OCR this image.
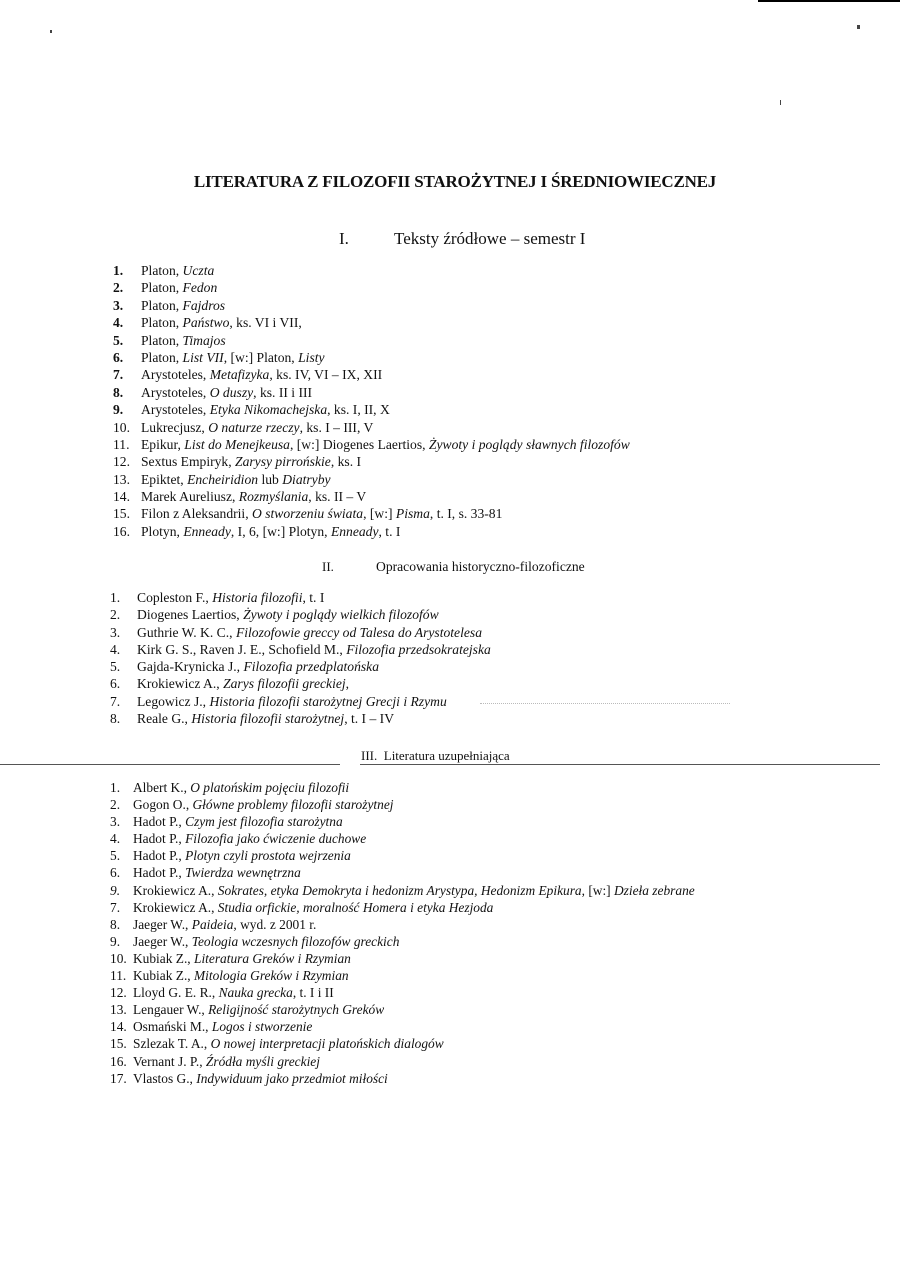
LITERATURA Z FILOZOFII STAROŻYTNEJ I ŚREDNIOWIECZNEJ
I.	Teksty źródłowe – semestr I
1. Platon, Uczta
2. Platon, Fedon
3. Platon, Fajdros
4. Platon, Państwo, ks. VI i VII,
5. Platon, Timajos
6. Platon, List VII, [w:] Platon, Listy
7. Arystoteles, Metafizyka, ks. IV, VI – IX, XII
8. Arystoteles, O duszy, ks. II i III
9. Arystoteles, Etyka Nikomachejska, ks. I, II, X
10. Lukrecjusz, O naturze rzeczy, ks. I – III, V
11. Epikur, List do Menejkeusa, [w:] Diogenes Laertios, Żywoty i poglądy sławnych filozofów
12. Sextus Empiryk, Zarysy pirrońskie, ks. I
13. Epiktet, Encheiridion lub Diatryby
14. Marek Aureliusz, Rozmyślania, ks. II – V
15. Filon z Aleksandrii, O stworzeniu świata, [w:] Pisma, t. I, s. 33-81
16. Plotyn, Enneady, I, 6, [w:] Plotyn, Enneady, t. I
II.	Opracowania historyczno-filozoficzne
1. Copleston F., Historia filozofii, t. I
2. Diogenes Laertios, Żywoty i poglądy wielkich filozofów
3. Guthrie W. K. C., Filozofowie greccy od Talesa do Arystotelesa
4. Kirk G. S., Raven J. E., Schofield M., Filozofia przedsokratejska
5. Gajda-Krynicka J., Filozofia przedplatońska
6. Krokiewicz A., Zarys filozofii greckiej,
7. Legowicz J., Historia filozofii starożytnej Grecji i Rzymu
8. Reale G., Historia filozofii starożytnej, t. I – IV
III. Literatura uzupełniająca
1. Albert K., O platońskim pojęciu filozofii
2. Gogon O., Główne problemy filozofii starożytnej
3. Hadot P., Czym jest filozofia starożytna
4. Hadot P., Filozofia jako ćwiczenie duchowe
5. Hadot P., Plotyn czyli prostota wejrzenia
6. Hadot P., Twierdza wewnętrzna
9. Krokiewicz A., Sokrates, etyka Demokryta i hedonizm Arystypa, Hedonizm Epikura, [w:] Dzieła zebrane
7. Krokiewicz A., Studia orfickie, moralność Homera i etyka Hezjoda
8. Jaeger W., Paideia, wyd. z 2001 r.
9. Jaeger W., Teologia wczesnych filozofów greckich
10. Kubiak Z., Literatura Greków i Rzymian
11. Kubiak Z., Mitologia Greków i Rzymian
12. Lloyd G. E. R., Nauka grecka, t. I i II
13. Lengauer W., Religijność starożytnych Greków
14. Osmański M., Logos i stworzenie
15. Szlezak T. A., O nowej interpretacji platońskich dialogów
16. Vernant J. P., Źródła myśli greckiej
17. Vlastos G., Indywiduum jako przedmiot miłości
